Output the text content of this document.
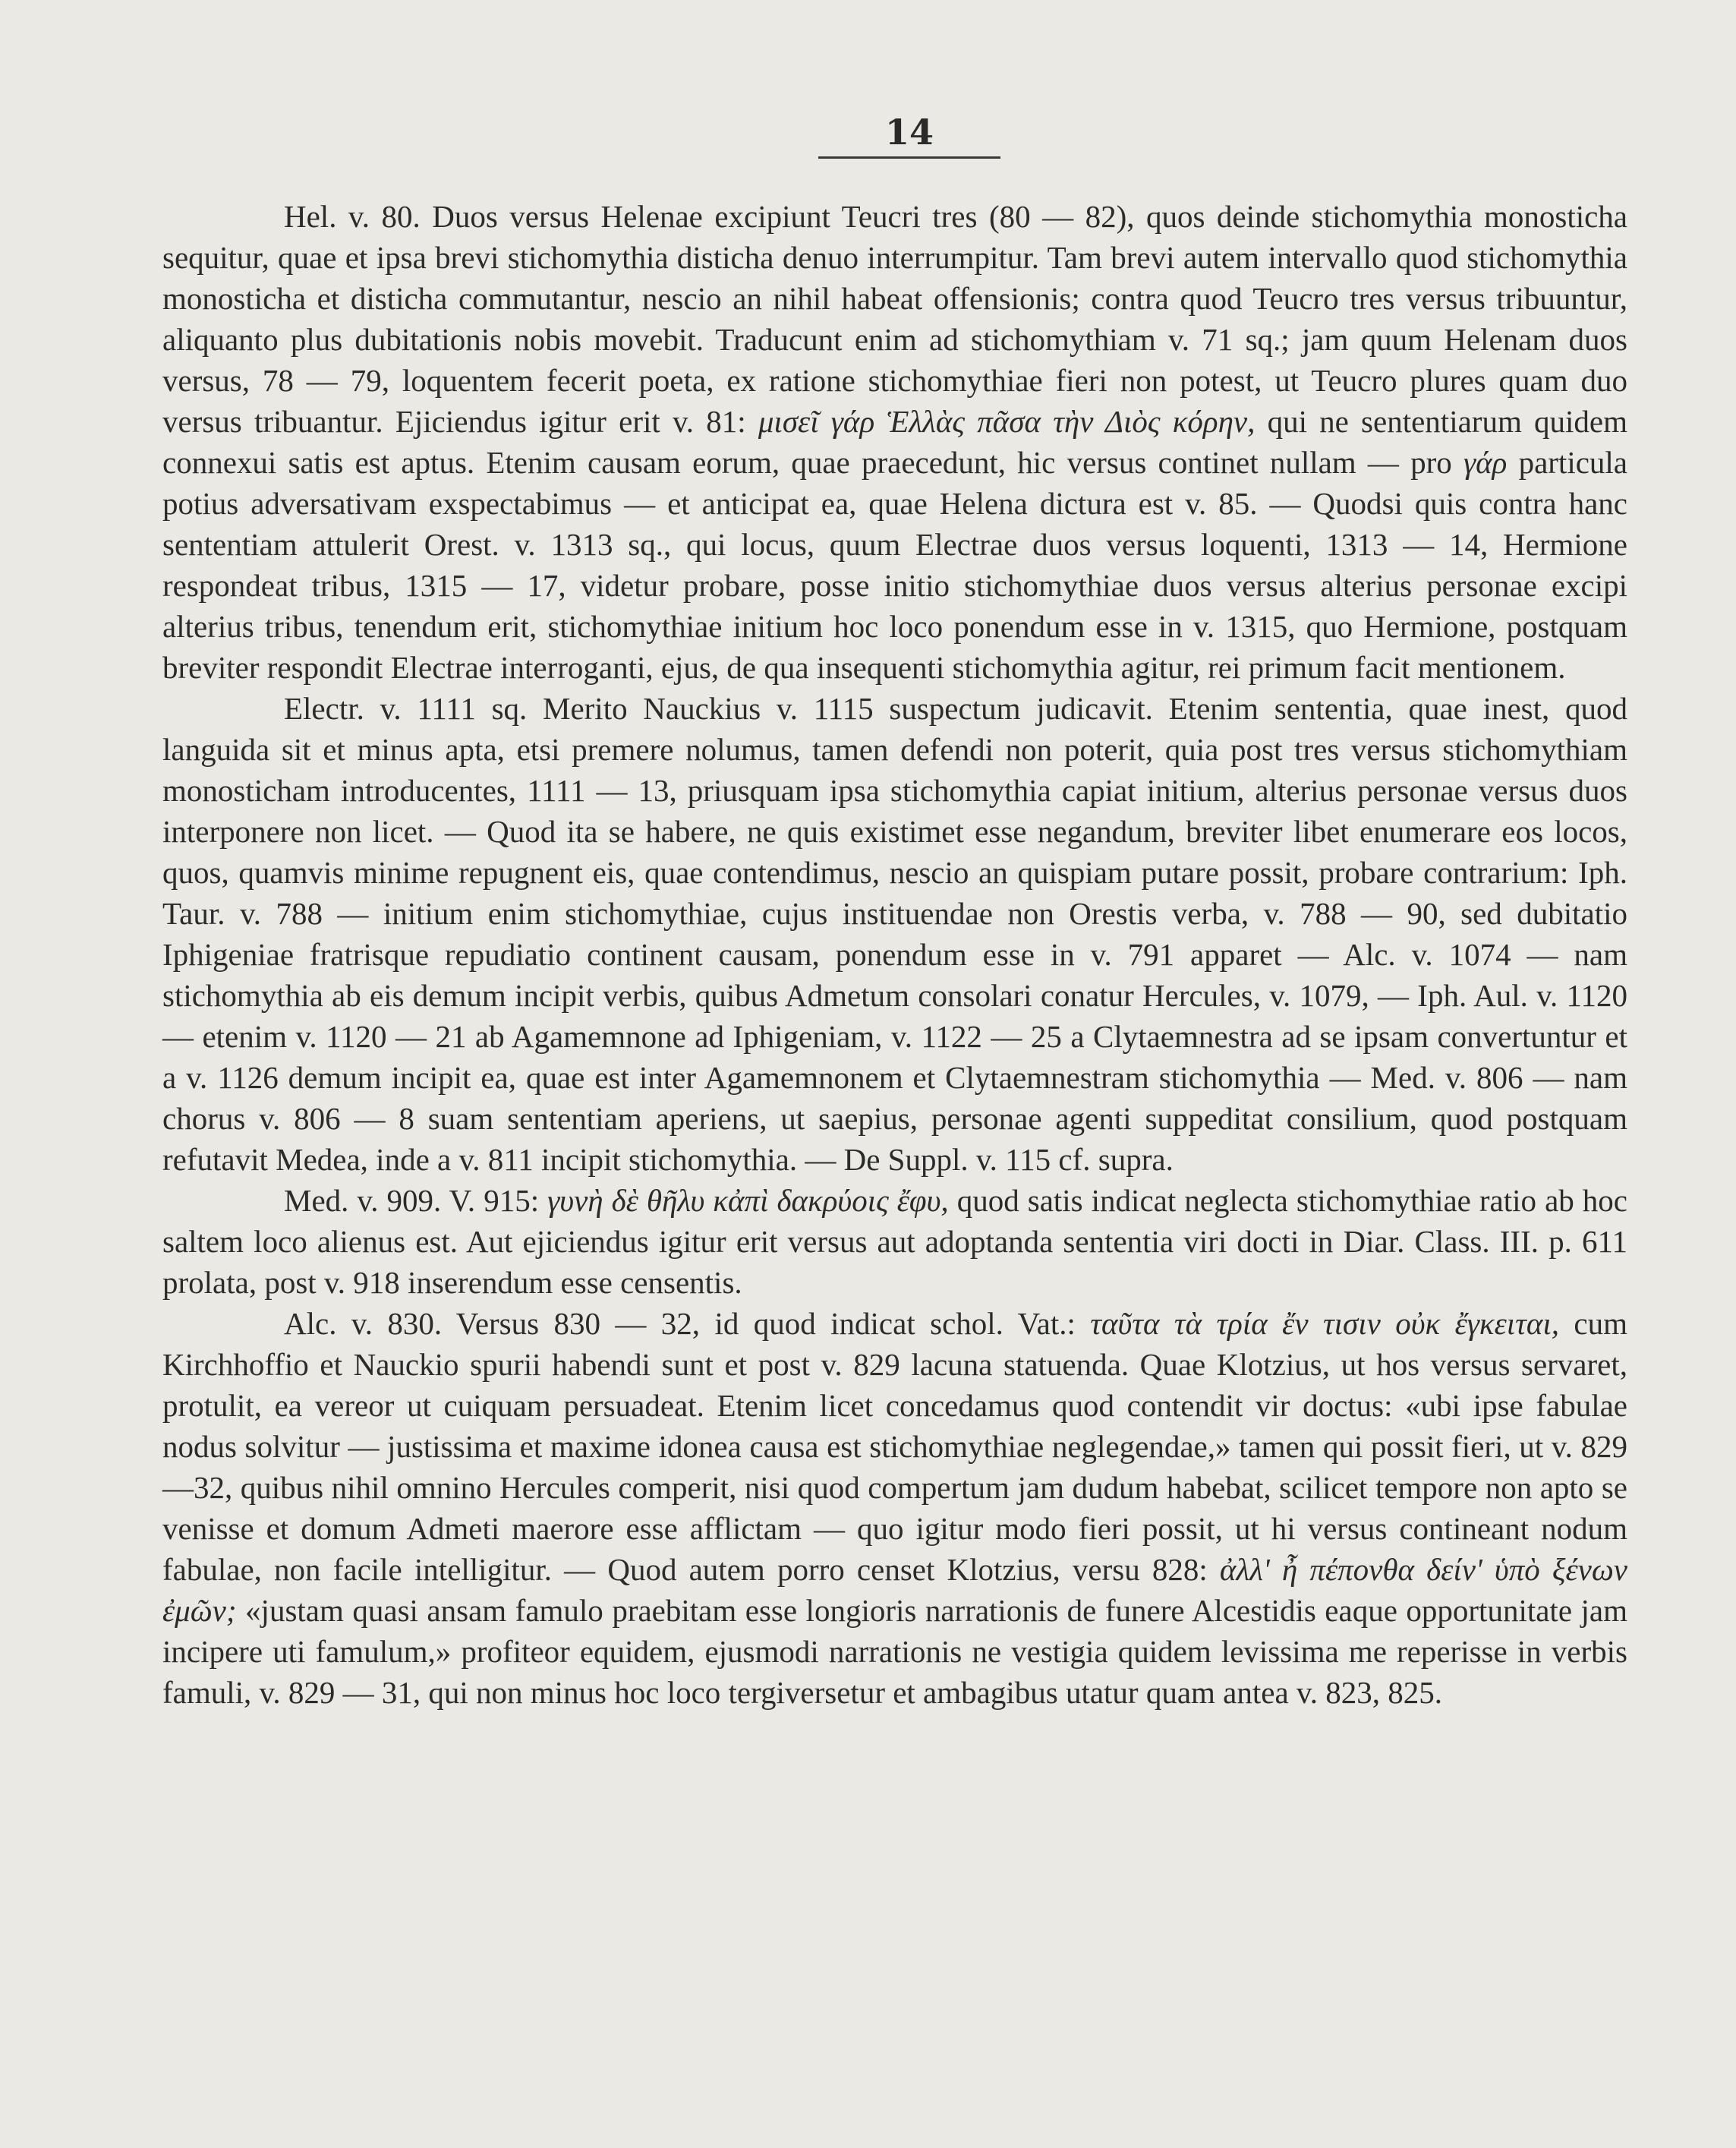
14

Hel. v. 80. Duos versus Helenae excipiunt Teucri tres (80 — 82), quos deinde stichomythia monosticha sequitur, quae et ipsa brevi stichomythia disticha denuo interrumpitur. Tam brevi autem intervallo quod stichomythia monosticha et disticha commutantur, nescio an nihil habeat offensionis; contra quod Teucro tres versus tribuuntur, aliquanto plus dubitationis nobis movebit. Traducunt enim ad stichomythiam v. 71 sq.; jam quum Helenam duos versus, 78 — 79, loquentem fecerit poeta, ex ratione stichomythiae fieri non potest, ut Teucro plures quam duo versus tribuantur. Ejiciendus igitur erit v. 81: μισεῖ γάρ Ἑλλὰς πᾶσα τὴν Διὸς κόρην, qui ne sententiarum quidem connexui satis est aptus. Etenim causam eorum, quae praecedunt, hic versus continet nullam — pro γάρ particula potius adversativam exspectabimus — et anticipat ea, quae Helena dictura est v. 85. — Quodsi quis contra hanc sententiam attulerit Orest. v. 1313 sq., qui locus, quum Electrae duos versus loquenti, 1313 — 14, Hermione respondeat tribus, 1315 — 17, videtur probare, posse initio stichomythiae duos versus alterius personae excipi alterius tribus, tenendum erit, stichomythiae initium hoc loco ponendum esse in v. 1315, quo Hermione, postquam breviter respondit Electrae interroganti, ejus, de qua insequenti stichomythia agitur, rei primum facit mentionem.

Electr. v. 1111 sq. Merito Nauckius v. 1115 suspectum judicavit. Etenim sententia, quae inest, quod languida sit et minus apta, etsi premere nolumus, tamen defendi non poterit, quia post tres versus stichomythiam monosticham introducentes, 1111 — 13, priusquam ipsa stichomythia capiat initium, alterius personae versus duos interponere non licet. — Quod ita se habere, ne quis existimet esse negandum, breviter libet enumerare eos locos, quos, quamvis minime repugnent eis, quae contendimus, nescio an quispiam putare possit, probare contrarium: Iph. Taur. v. 788 — initium enim stichomythiae, cujus instituendae non Orestis verba, v. 788 — 90, sed dubitatio Iphigeniae fratrisque repudiatio continent causam, ponendum esse in v. 791 apparet — Alc. v. 1074 — nam stichomythia ab eis demum incipit verbis, quibus Admetum consolari conatur Hercules, v. 1079, — Iph. Aul. v. 1120 — etenim v. 1120 — 21 ab Agamemnone ad Iphigeniam, v. 1122 — 25 a Clytaemnestra ad se ipsam convertuntur et a v. 1126 demum incipit ea, quae est inter Agamemnonem et Clytaemnestram stichomythia — Med. v. 806 — nam chorus v. 806 — 8 suam sententiam aperiens, ut saepius, personae agenti suppeditat consilium, quod postquam refutavit Medea, inde a v. 811 incipit stichomythia. — De Suppl. v. 115 cf. supra.

Med. v. 909. V. 915: γυνὴ δὲ θῆλυ κἀπὶ δακρύοις ἔφυ, quod satis indicat neglecta stichomythiae ratio ab hoc saltem loco alienus est. Aut ejiciendus igitur erit versus aut adoptanda sententia viri docti in Diar. Class. III. p. 611 prolata, post v. 918 inserendum esse censentis.

Alc. v. 830. Versus 830 — 32, id quod indicat schol. Vat.: ταῦτα τὰ τρία ἔν τισιν οὐκ ἔγκειται, cum Kirchhoffio et Nauckio spurii habendi sunt et post v. 829 lacuna statuenda. Quae Klotzius, ut hos versus servaret, protulit, ea vereor ut cuiquam persuadeat. Etenim licet concedamus quod contendit vir doctus: «ubi ipse fabulae nodus solvitur — justissima et maxime idonea causa est stichomythiae neglegendae,» tamen qui possit fieri, ut v. 829—32, quibus nihil omnino Hercules comperit, nisi quod compertum jam dudum habebat, scilicet tempore non apto se venisse et domum Admeti maerore esse afflictam — quo igitur modo fieri possit, ut hi versus contineant nodum fabulae, non facile intelligitur. — Quod autem porro censet Klotzius, versu 828: ἀλλ' ἦ πέπονθα δείν' ὑπὸ ξένων ἐμῶν; «justam quasi ansam famulo praebitam esse longioris narrationis de funere Alcestidis eaque opportunitate jam incipere uti famulum,» profiteor equidem, ejusmodi narrationis ne vestigia quidem levissima me reperisse in verbis famuli, v. 829 — 31, qui non minus hoc loco tergiversetur et ambagibus utatur quam antea v. 823, 825.
